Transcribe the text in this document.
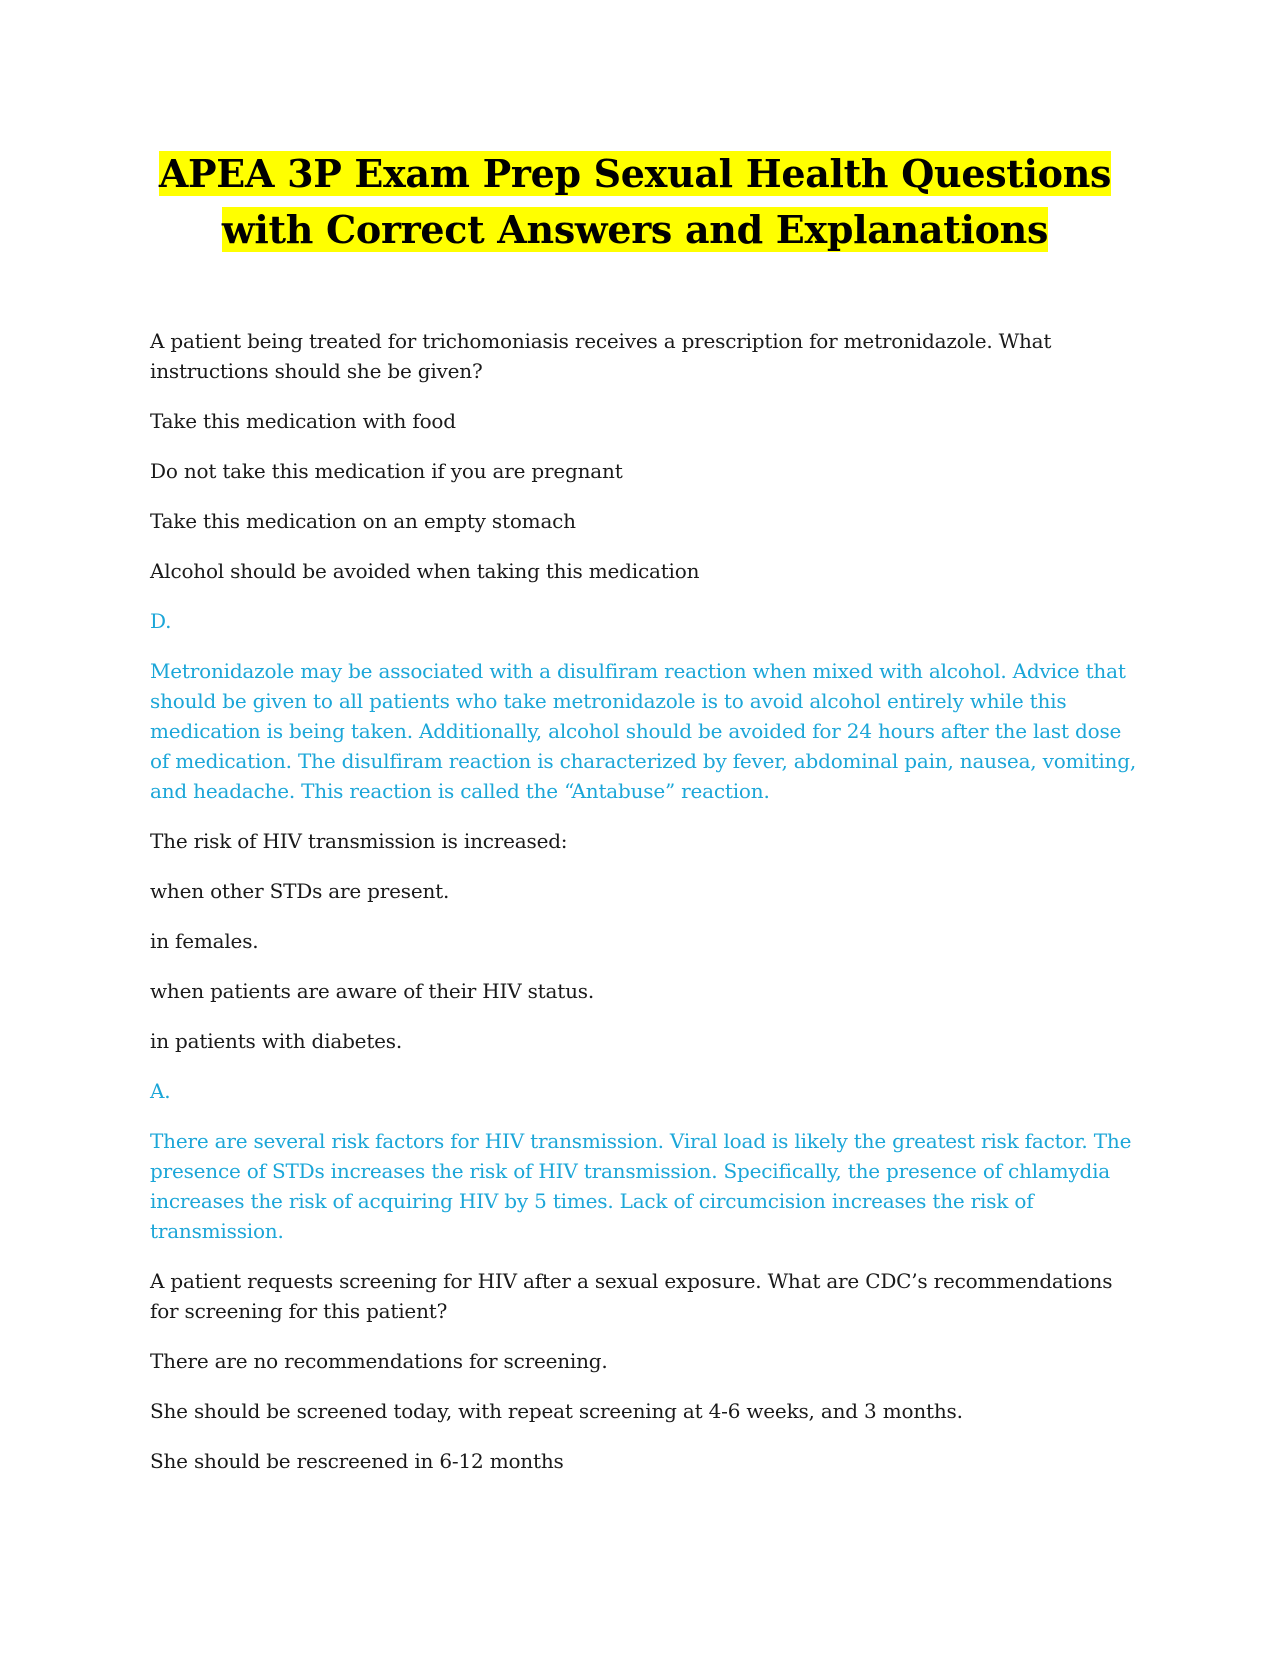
APEA 3P Exam Prep Sexual Health Questions
with Correct Answers and Explanations

A patient being treated for trichomoniasis receives a prescription for metronidazole. What instructions should she be given?

Take this medication with food

Do not take this medication if you are pregnant

Take this medication on an empty stomach

Alcohol should be avoided when taking this medication

D.

Metronidazole may be associated with a disulfiram reaction when mixed with alcohol. Advice that should be given to all patients who take metronidazole is to avoid alcohol entirely while this medication is being taken. Additionally, alcohol should be avoided for 24 hours after the last dose of medication. The disulfiram reaction is characterized by fever, abdominal pain, nausea, vomiting, and headache. This reaction is called the “Antabuse” reaction.

The risk of HIV transmission is increased:

when other STDs are present.

in females.

when patients are aware of their HIV status.

in patients with diabetes.

A.

There are several risk factors for HIV transmission. Viral load is likely the greatest risk factor. The presence of STDs increases the risk of HIV transmission. Specifically, the presence of chlamydia increases the risk of acquiring HIV by 5 times. Lack of circumcision increases the risk of transmission.

A patient requests screening for HIV after a sexual exposure. What are CDC’s recommendations for screening for this patient?

There are no recommendations for screening.

She should be screened today, with repeat screening at 4-6 weeks, and 3 months.

She should be rescreened in 6-12 months
